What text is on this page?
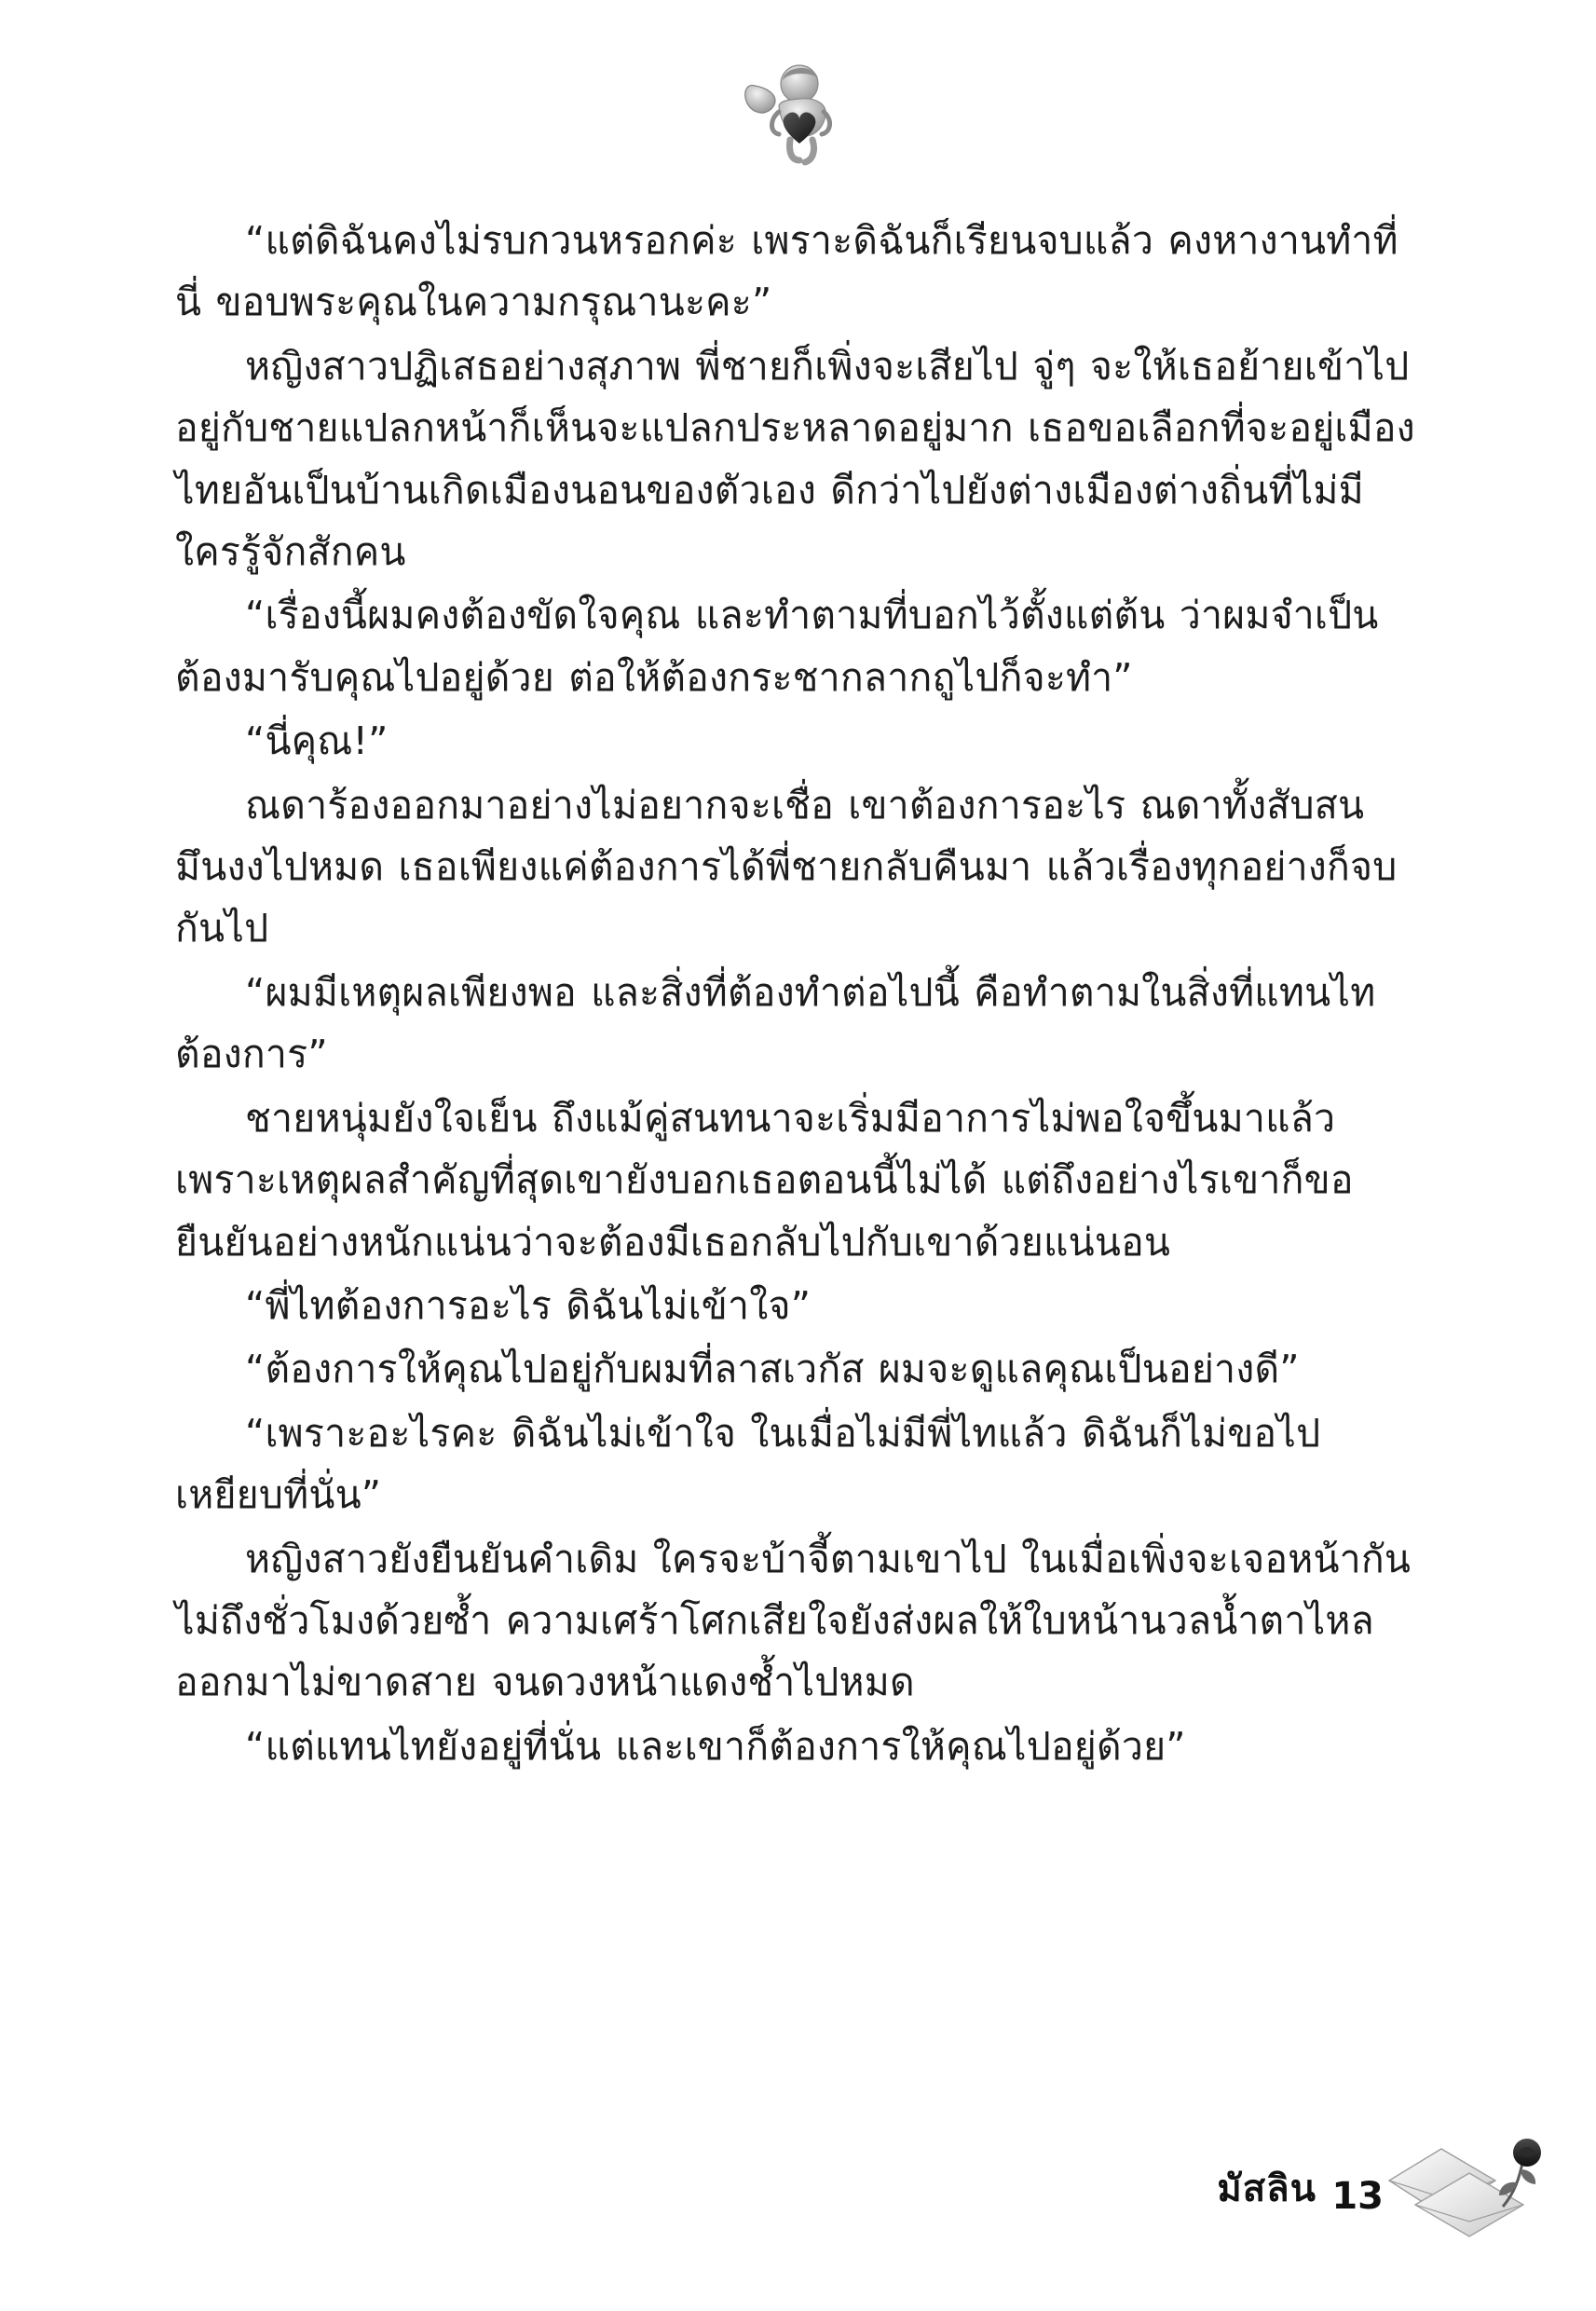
“แต่ดิฉันคงไม่รบกวนหรอกค่ะ เพราะดิฉันก็เรียนจบแล้ว คงหางานทำที่นี่ ขอบพระคุณในความกรุณานะคะ”

หญิงสาวปฏิเสธอย่างสุภาพ พี่ชายก็เพิ่งจะเสียไป จู่ๆ จะให้เธอย้ายเข้าไปอยู่กับชายแปลกหน้าก็เห็นจะแปลกประหลาดอยู่มาก เธอขอเลือกที่จะอยู่เมืองไทยอันเป็นบ้านเกิดเมืองนอนของตัวเอง ดีกว่าไปยังต่างเมืองต่างถิ่นที่ไม่มีใครรู้จักสักคน

“เรื่องนี้ผมคงต้องขัดใจคุณ และทำตามที่บอกไว้ตั้งแต่ต้น ว่าผมจำเป็นต้องมารับคุณไปอยู่ด้วย ต่อให้ต้องกระชากลากถูไปก็จะทำ”

“นี่คุณ!”

ณดาร้องออกมาอย่างไม่อยากจะเชื่อ เขาต้องการอะไร ณดาทั้งสับสนมึนงงไปหมด เธอเพียงแค่ต้องการได้พี่ชายกลับคืนมา แล้วเรื่องทุกอย่างก็จบกันไป

“ผมมีเหตุผลเพียงพอ และสิ่งที่ต้องทำต่อไปนี้ คือทำตามในสิ่งที่แทนไทต้องการ”

ชายหนุ่มยังใจเย็น ถึงแม้คู่สนทนาจะเริ่มมีอาการไม่พอใจขึ้นมาแล้ว เพราะเหตุผลสำคัญที่สุดเขายังบอกเธอตอนนี้ไม่ได้ แต่ถึงอย่างไรเขาก็ขอยืนยันอย่างหนักแน่นว่าจะต้องมีเธอกลับไปกับเขาด้วยแน่นอน

“พี่ไทต้องการอะไร ดิฉันไม่เข้าใจ”

“ต้องการให้คุณไปอยู่กับผมที่ลาสเวกัส ผมจะดูแลคุณเป็นอย่างดี”

“เพราะอะไรคะ ดิฉันไม่เข้าใจ ในเมื่อไม่มีพี่ไทแล้ว ดิฉันก็ไม่ขอไปเหยียบที่นั่น”

หญิงสาวยังยืนยันคำเดิม ใครจะบ้าจี้ตามเขาไป ในเมื่อเพิ่งจะเจอหน้ากันไม่ถึงชั่วโมงด้วยซ้ำ ความเศร้าโศกเสียใจยังส่งผลให้ใบหน้านวลน้ำตาไหลออกมาไม่ขาดสาย จนดวงหน้าแดงช้ำไปหมด

“แต่แทนไทยังอยู่ที่นั่น และเขาก็ต้องการให้คุณไปอยู่ด้วย”

มัสลิน 13
